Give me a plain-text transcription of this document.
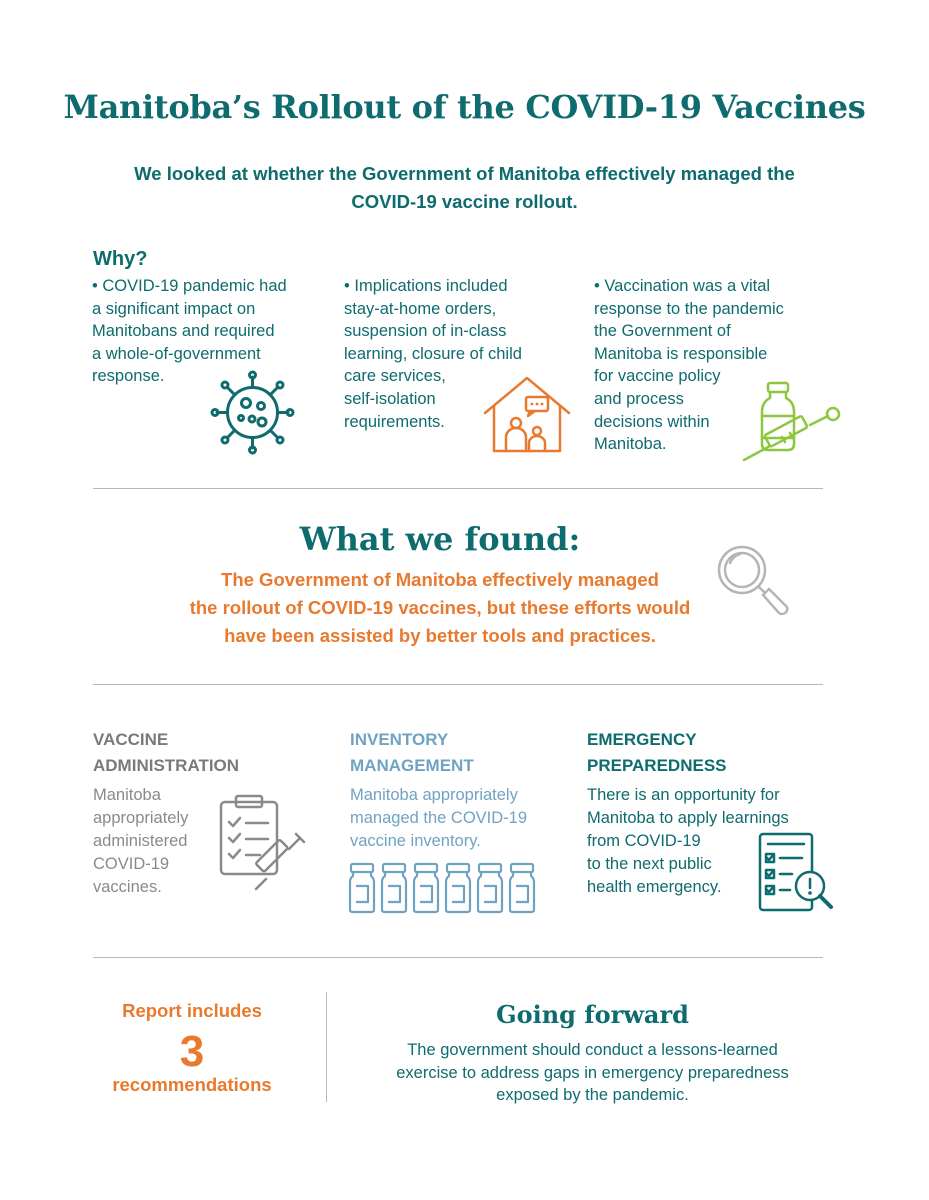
Manitoba’s Rollout of the COVID-19 Vaccines
We looked at whether the Government of Manitoba effectively managed the COVID-19 vaccine rollout.
Why?
• COVID-19 pandemic had
a significant impact on
Manitobans and required
a whole-of-government
response.
• Implications included
stay-at-home orders,
suspension of in-class
learning, closure of child
care services,
self-isolation
requirements.
• Vaccination was a vital
response to the pandemic
the Government of
Manitoba is responsible
for vaccine policy
and process
decisions within
Manitoba.
What we found:
The Government of Manitoba effectively managed
the rollout of COVID-19 vaccines, but these efforts would
have been assisted by better tools and practices.
VACCINE
ADMINISTRATION
Manitoba
appropriately
administered
COVID-19
vaccines.
INVENTORY
MANAGEMENT
Manitoba appropriately
managed the COVID-19
vaccine inventory.
EMERGENCY
PREPAREDNESS
There is an opportunity for
Manitoba to apply learnings
from COVID-19
to the next public
health emergency.
Report includes
3
recommendations
Going forward
The government should conduct a lessons-learned
exercise to address gaps in emergency preparedness
exposed by the pandemic.
